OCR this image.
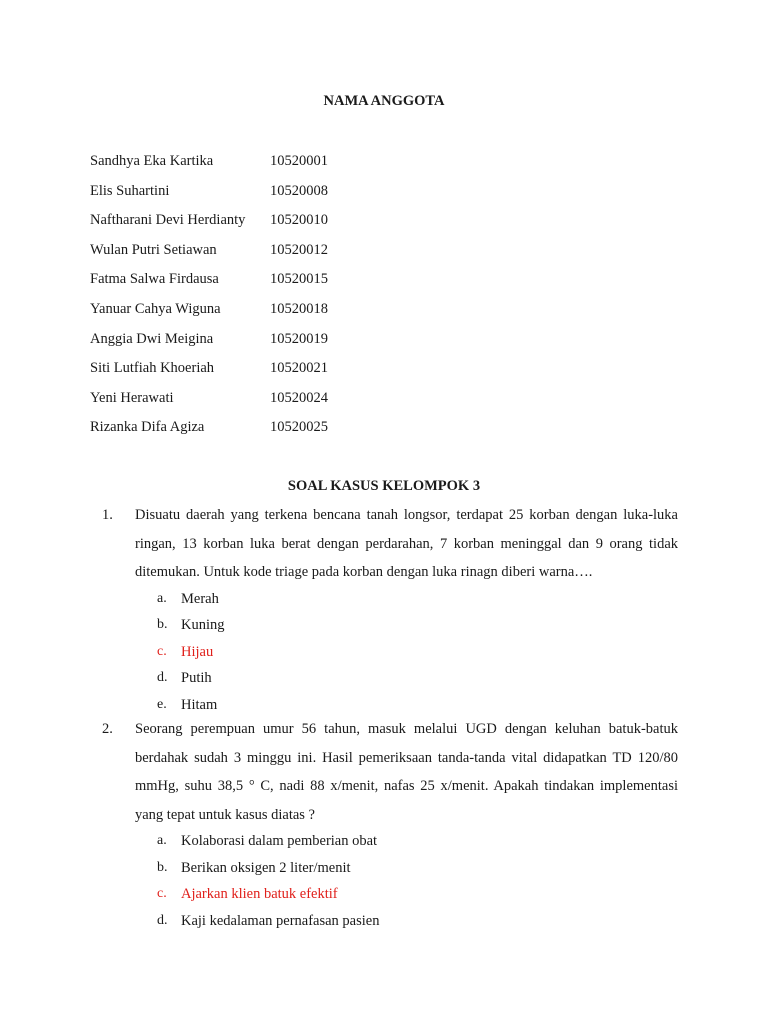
NAMA ANGGOTA
Sandhya Eka Kartika	10520001
Elis Suhartini	10520008
Naftharani Devi Herdianty 10520010
Wulan Putri Setiawan	10520012
Fatma Salwa Firdausa	10520015
Yanuar Cahya Wiguna	10520018
Anggia Dwi Meigina	10520019
Siti Lutfiah Khoeriah	10520021
Yeni Herawati	10520024
Rizanka Difa Agiza	10520025
SOAL KASUS KELOMPOK 3
1. Disuatu daerah yang terkena bencana tanah longsor, terdapat 25 korban dengan luka-luka ringan, 13 korban luka berat dengan perdarahan, 7 korban meninggal dan 9 orang tidak ditemukan. Untuk kode triage pada korban dengan luka rinagn diberi warna….
a. Merah
b. Kuning
c. Hijau
d. Putih
e. Hitam
2. Seorang perempuan umur 56 tahun, masuk melalui UGD dengan keluhan batuk-batuk berdahak sudah 3 minggu ini. Hasil pemeriksaan tanda-tanda vital didapatkan TD 120/80 mmHg, suhu 38,5 ° C, nadi 88 x/menit, nafas 25 x/menit. Apakah tindakan implementasi yang tepat untuk kasus diatas ?
a. Kolaborasi dalam pemberian obat
b. Berikan oksigen 2 liter/menit
c. Ajarkan klien batuk efektif
d. Kaji kedalaman pernafasan pasien
